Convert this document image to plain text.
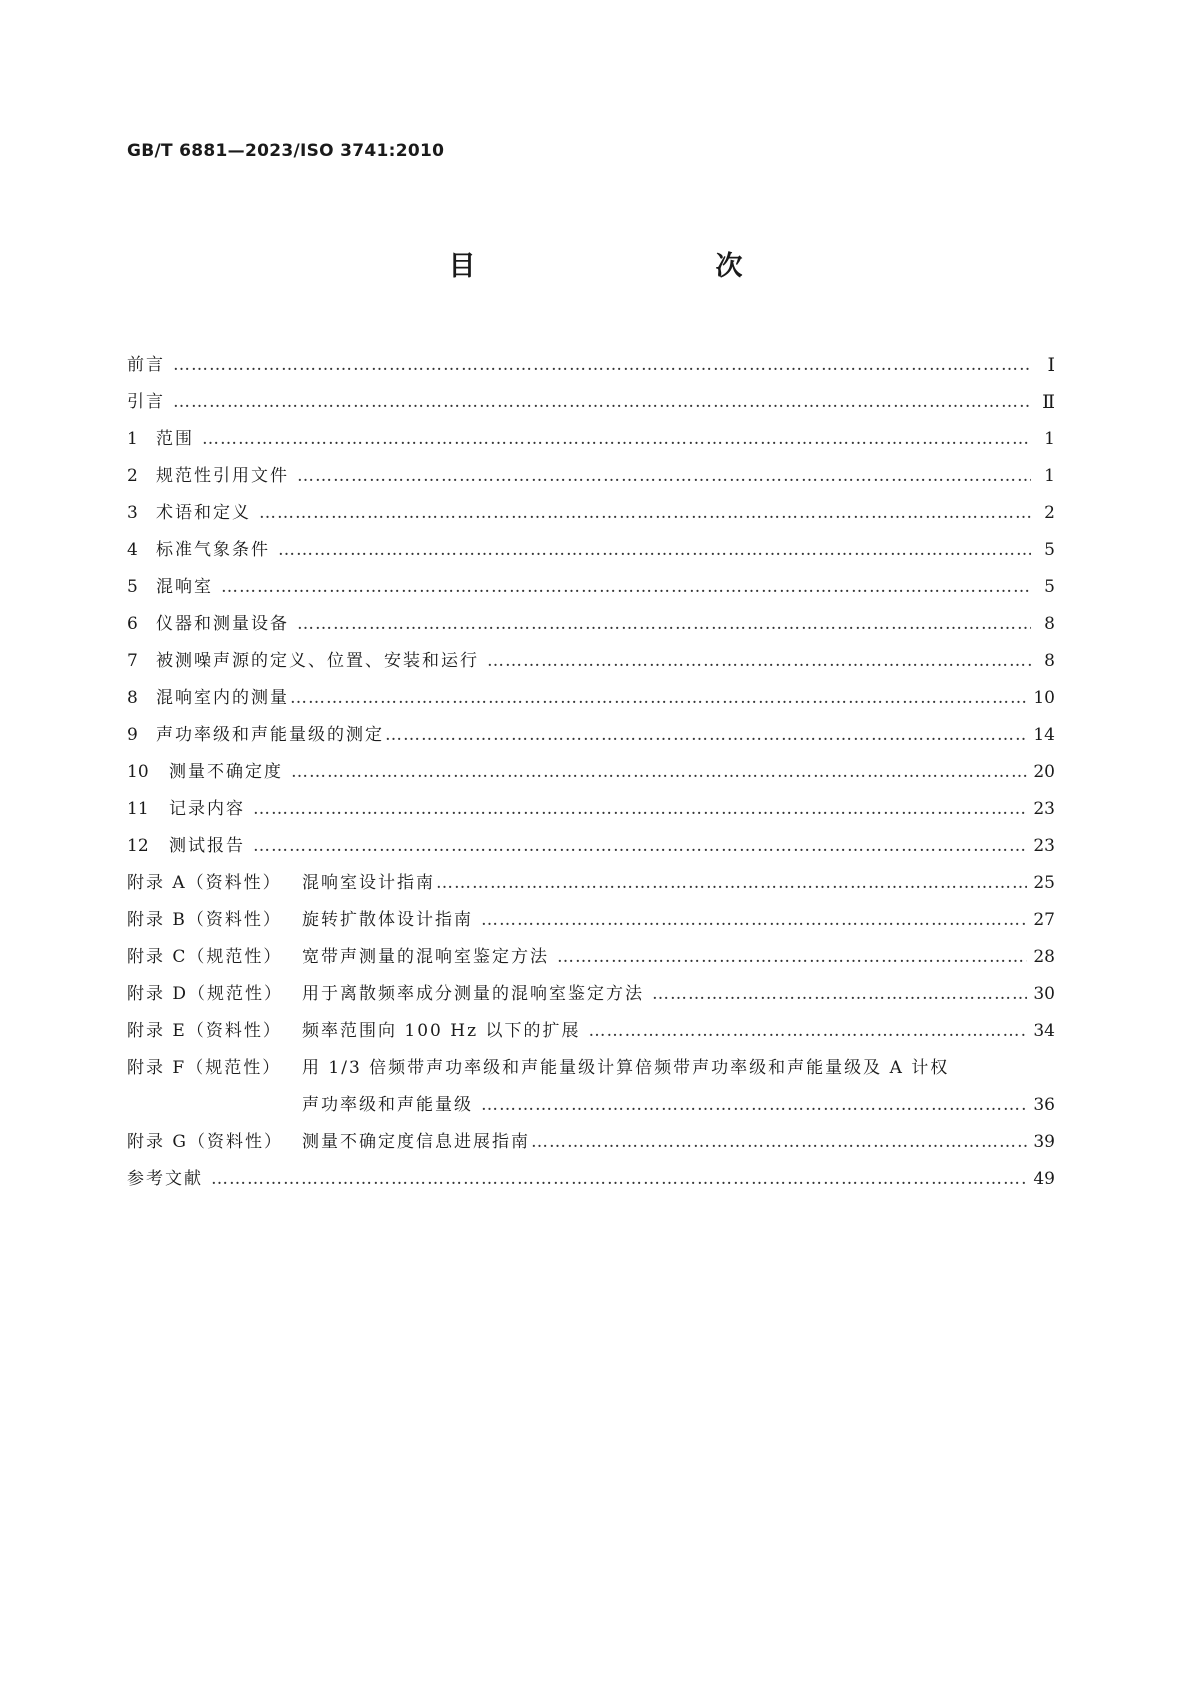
GB/T 6881—2023/ISO 3741:2010
目　　次
前言 …………………………………………………………………………………………………………………………………………………………………………………………………………………………………………………………………………………	Ⅰ
引言 …………………………………………………………………………………………………………………………………………………………………………………………………………………………………………………………………………………	Ⅱ
1	范围 …………………………………………………………………………………………………………………………………………………………………………………………………………………………………………………………………………………	1
2	规范性引用文件 …………………………………………………………………………………………………………………………………………………………………………………………………………………………………………………………………………………	1
3	术语和定义 …………………………………………………………………………………………………………………………………………………………………………………………………………………………………………………………………………………	2
4	标准气象条件 …………………………………………………………………………………………………………………………………………………………………………………………………………………………………………………………………………………	5
5	混响室 …………………………………………………………………………………………………………………………………………………………………………………………………………………………………………………………………………………	5
6	仪器和测量设备 …………………………………………………………………………………………………………………………………………………………………………………………………………………………………………………………………………………	8
7	被测噪声源的定义、位置、安装和运行 …………………………………………………………………………………………………………………………………………………………………………………………………………………………………………………………………………………	8
8	混响室内的测量 …………………………………………………………………………………………………………………………………………………………………………………………………………………………………………………………………………………	10
9	声功率级和声能量级的测定 …………………………………………………………………………………………………………………………………………………………………………………………………………………………………………………………………………………	14
10	测量不确定度 …………………………………………………………………………………………………………………………………………………………………………………………………………………………………………………………………………………	20
11	记录内容 …………………………………………………………………………………………………………………………………………………………………………………………………………………………………………………………………………………	23
12	测试报告 …………………………………………………………………………………………………………………………………………………………………………………………………………………………………………………………………………………	23
附录 A（资料性）	混响室设计指南 …………………………………………………………………………………………………………………………………………………………………………………………………………………………………………………………………………………	25
附录 B（资料性）	旋转扩散体设计指南 …………………………………………………………………………………………………………………………………………………………………………………………………………………………………………………………………………………	27
附录 C（规范性）	宽带声测量的混响室鉴定方法 …………………………………………………………………………………………………………………………………………………………………………………………………………………………………………………………………………………	28
附录 D（规范性）	用于离散频率成分测量的混响室鉴定方法 …………………………………………………………………………………………………………………………………………………………………………………………………………………………………………………………………………………	30
附录 E（资料性）	频率范围向 100 Hz 以下的扩展 …………………………………………………………………………………………………………………………………………………………………………………………………………………………………………………………………………………	34
附录 F（规范性）	用 1/3 倍频带声功率级和声能量级计算倍频带声功率级和声能量级及 A 计权
声功率级和声能量级 …………………………………………………………………………………………………………………………………………………………………………………………………………………………………………………………………………………	36
附录 G（资料性）	测量不确定度信息进展指南 …………………………………………………………………………………………………………………………………………………………………………………………………………………………………………………………………………………	39
参考文献 …………………………………………………………………………………………………………………………………………………………………………………………………………………………………………………………………………………	49
